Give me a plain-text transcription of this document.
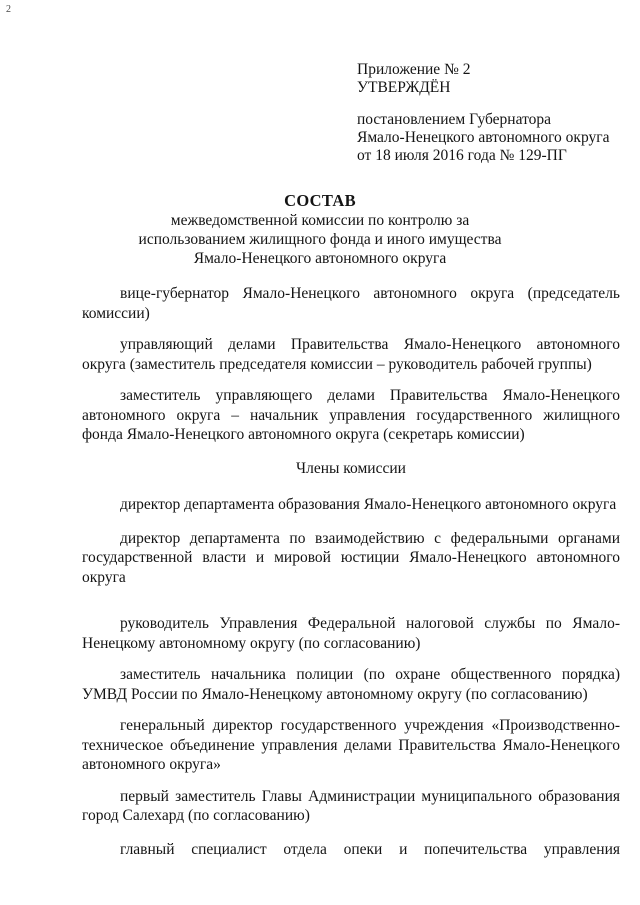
2
Приложение № 2
УТВЕРЖДЁН
постановлением Губернатора
Ямало-Ненецкого автономного округа
от 18 июля 2016 года № 129-ПГ
СОСТАВ
межведомственной комиссии по контролю за
использованием жилищного фонда и иного имущества
Ямало-Ненецкого автономного округа

вице-губернатор Ямало-Ненецкого автономного округа (председатель комиссии)

управляющий делами Правительства Ямало-Ненецкого автономного округа (заместитель председателя комиссии – руководитель рабочей группы)

заместитель управляющего делами Правительства Ямало-Ненецкого автономного округа – начальник управления государственного жилищного фонда Ямало-Ненецкого автономного округа (секретарь комиссии)

Члены комиссии

директор департамента образования Ямало-Ненецкого автономного округа

директор департамента по взаимодействию с федеральными органами государственной власти и мировой юстиции Ямало-Ненецкого автономного округа

руководитель Управления Федеральной налоговой службы по Ямало-Ненецкому автономному округу (по согласованию)

заместитель начальника полиции (по охране общественного порядка) УМВД России по Ямало-Ненецкому автономному округу (по согласованию)

генеральный директор государственного учреждения «Производственно-техническое объединение управления делами Правительства Ямало-Ненецкого автономного округа»

первый заместитель Главы Администрации муниципального образования город Салехард (по согласованию)

главный специалист отдела опеки и попечительства управления
